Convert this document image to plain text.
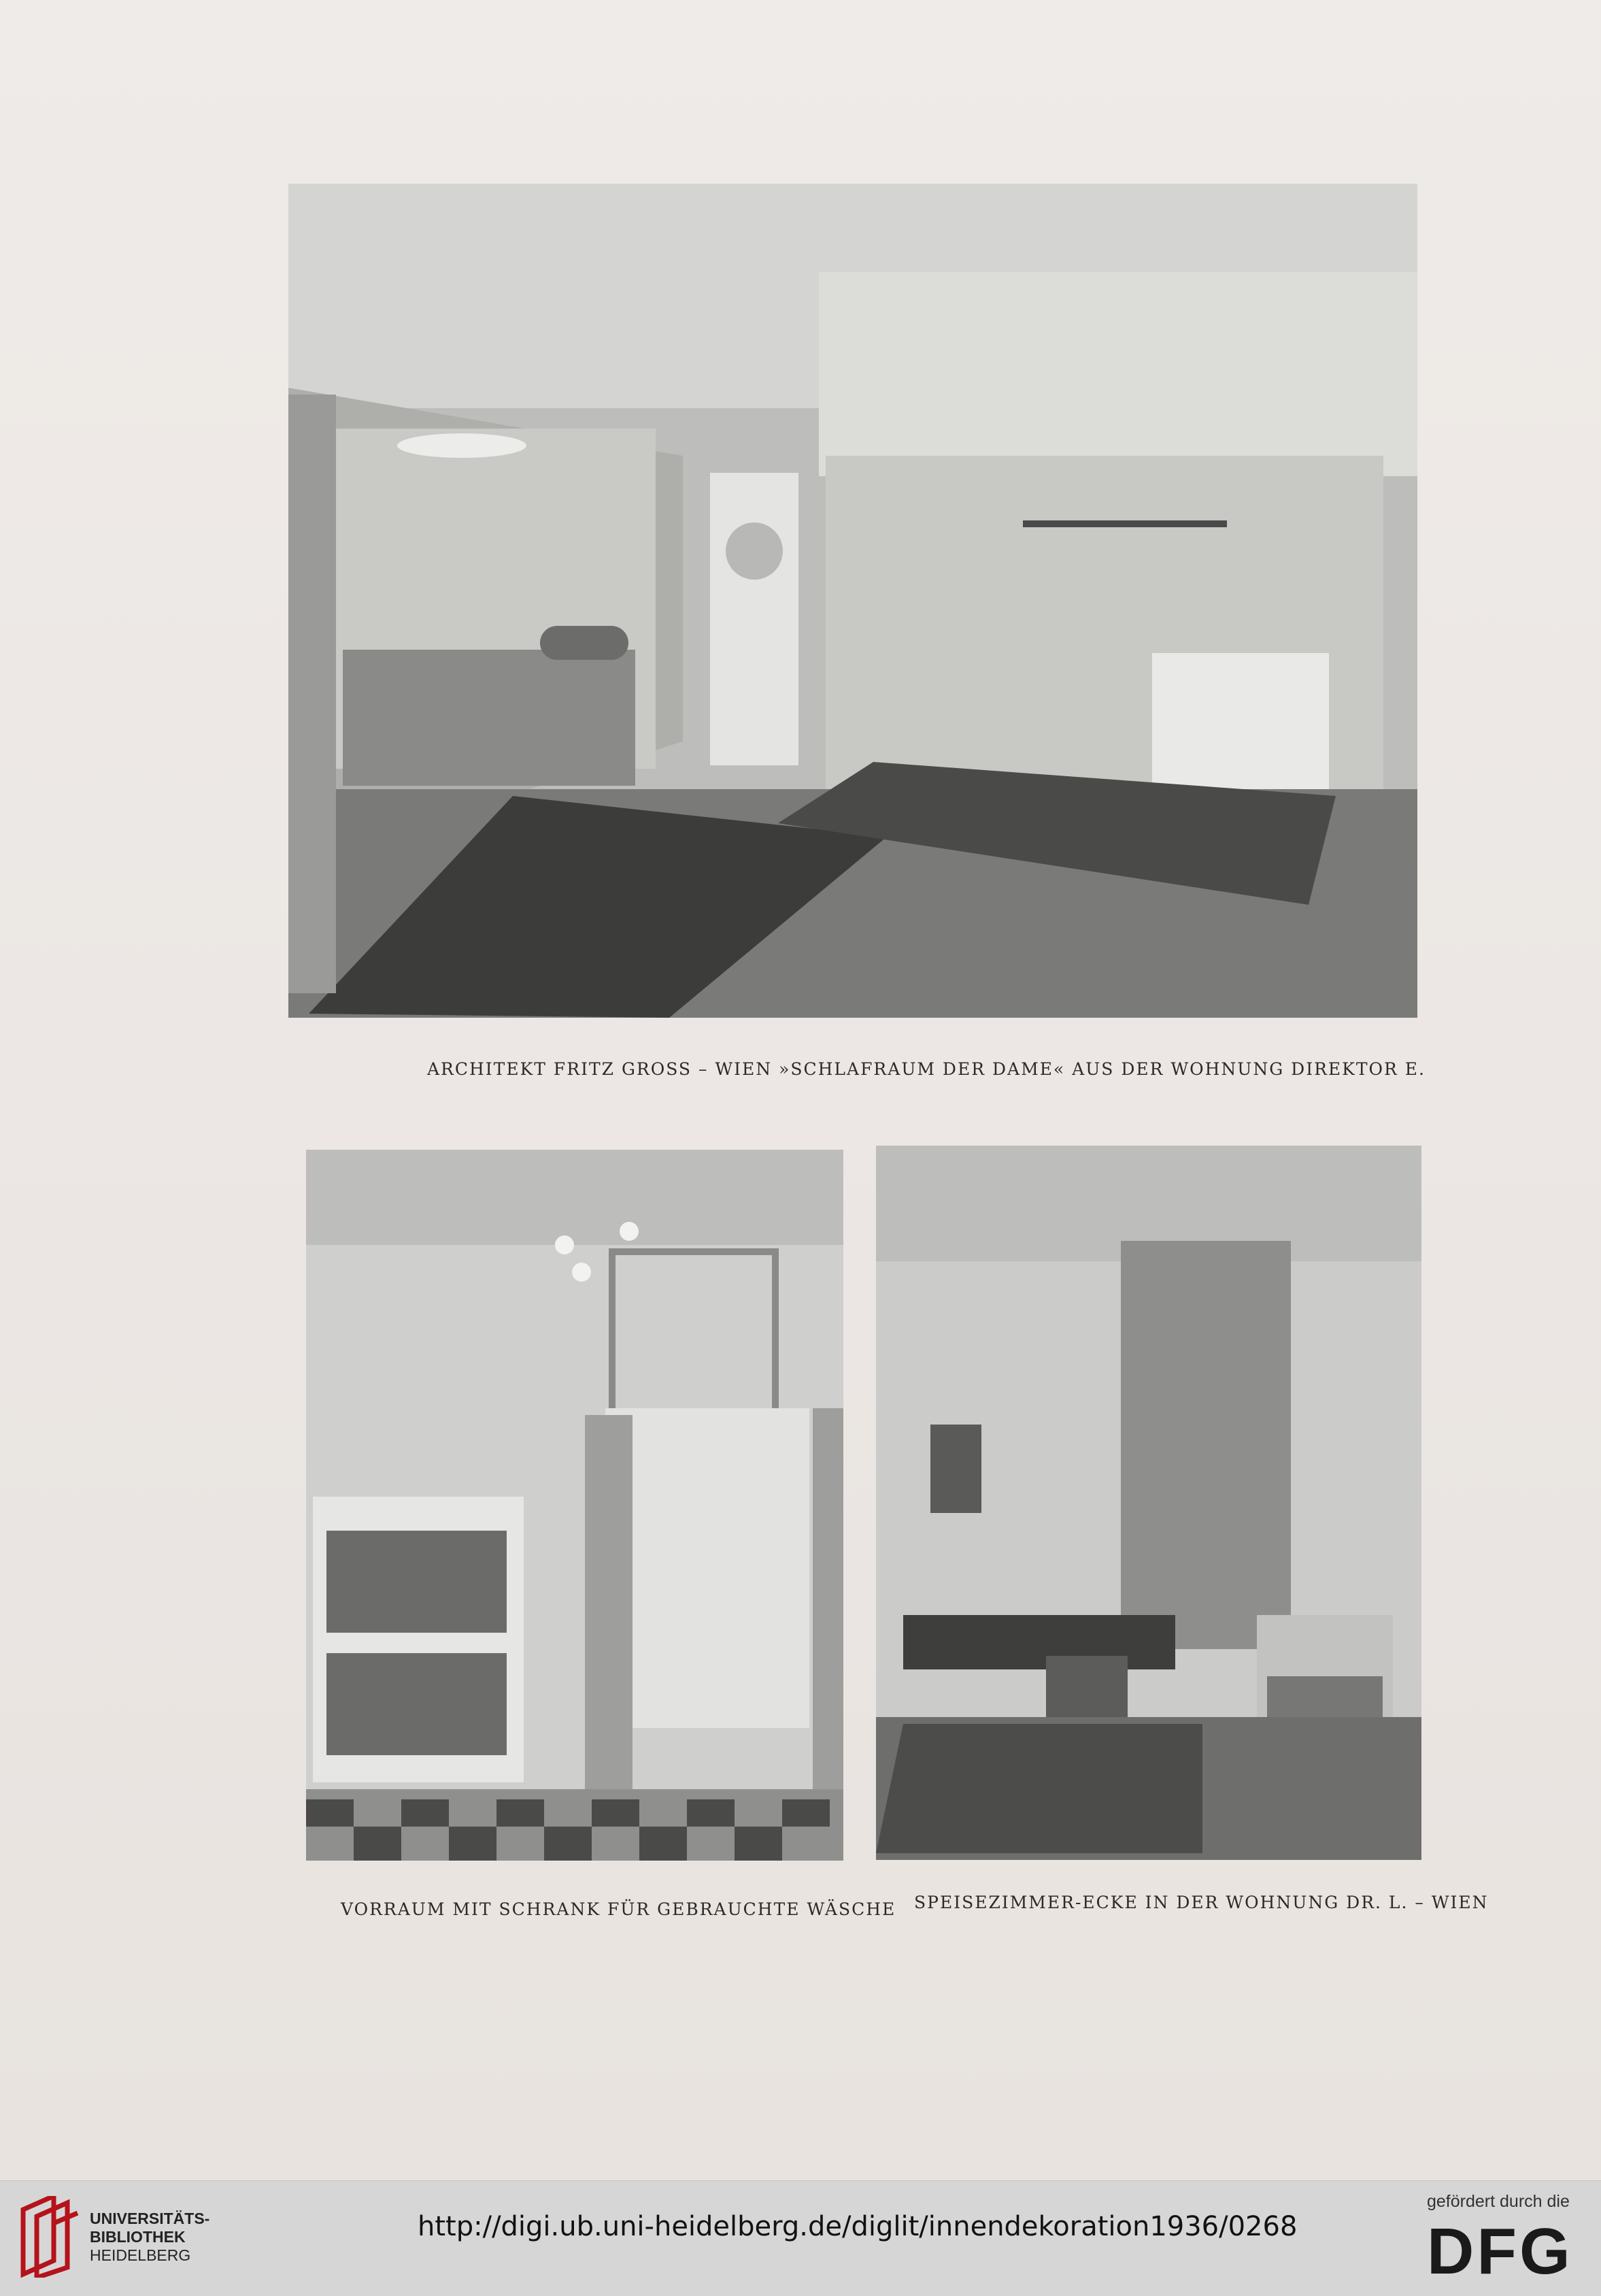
ARCHITEKT FRITZ GROSS – WIEN »SCHLAFRAUM DER DAME« AUS DER WOHNUNG DIREKTOR E.
VORRAUM MIT SCHRANK FÜR GEBRAUCHTE WÄSCHE SPEISEZIMMER-ECKE IN DER WOHNUNG DR. L. – WIEN
UNIVERSITÄTS-
BIBLIOTHEK
HEIDELBERG
http://digi.ub.uni-heidelberg.de/diglit/innendekoration1936/0268
gefördert durch die
DFG
